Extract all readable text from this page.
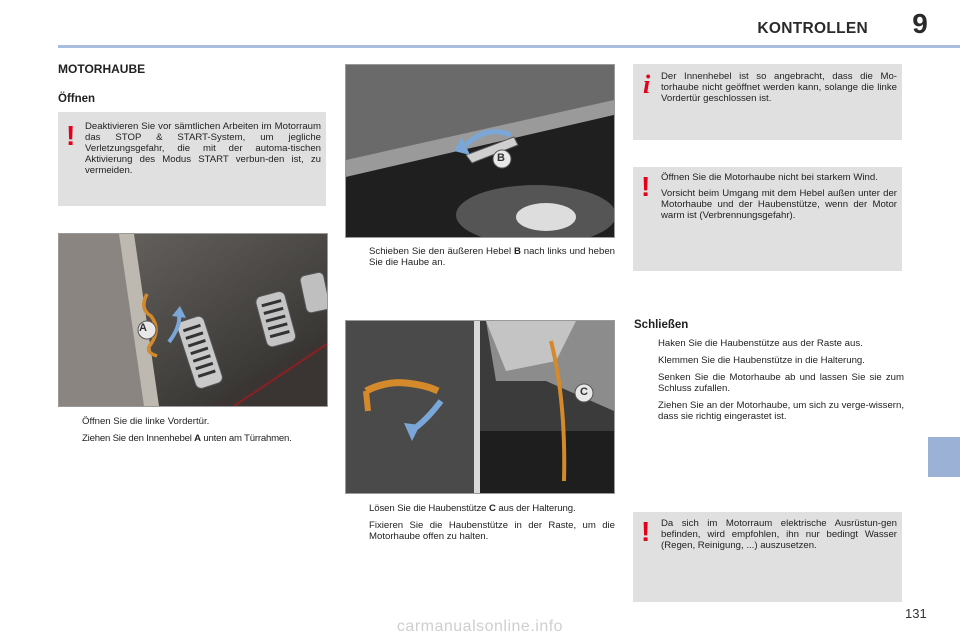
KONTROLLEN 9
MOTORHAUBE
Öffnen
! Deaktivieren Sie vor sämtlichen Arbeiten im Motorraum das STOP & START-System, um jegliche Verletzungsgefahr, die mit der automa-tischen Aktivierung des Modus START verbun-den ist, zu vermeiden.
A
Öffnen Sie die linke Vordertür.
Ziehen Sie den Innenhebel A unten am Türrahmen.
B
Schieben Sie den äußeren Hebel B nach links und heben Sie die Haube an.
C
Lösen Sie die Haubenstütze C aus der Halterung.
Fixieren Sie die Haubenstütze in der Raste, um die Motorhaube offen zu halten.
i Der Innenhebel ist so angebracht, dass die Mo-torhaube nicht geöffnet werden kann, solange die linke Vordertür geschlossen ist.
! Öffnen Sie die Motorhaube nicht bei starkem Wind.

Vorsicht beim Umgang mit dem Hebel außen unter der Motorhaube und der Haubenstütze, wenn der Motor warm ist (Verbrennungsgefahr).

Schließen
Haken Sie die Haubenstütze aus der Raste aus.
Klemmen Sie die Haubenstütze in die Halterung.
Senken Sie die Motorhaube ab und lassen Sie sie zum Schluss zufallen.
Ziehen Sie an der Motorhaube, um sich zu verge-wissern, dass sie richtig eingerastet ist.
! Da sich im Motorraum elektrische Ausrüstun-gen befinden, wird empfohlen, ihn nur bedingt Wasser (Regen, Reinigung, ...) auszusetzen.
131
carmanualsonline.info
